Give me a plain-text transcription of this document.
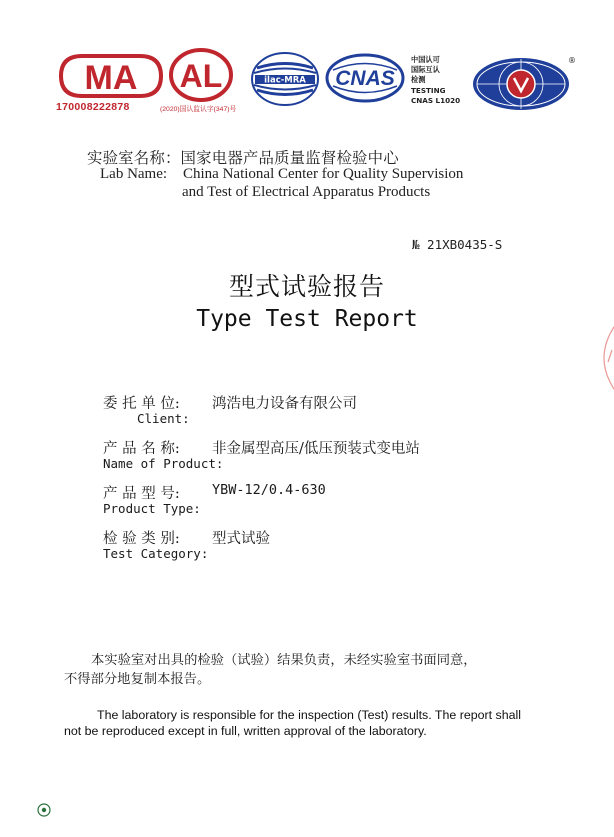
MA
170008222878
AL
(2020)国认监认字(347)号
ilac-MRA CNAS
中国认可
国际互认
检测
TESTING
CNAS L1020
®
实验室名称：国家电器产品质量监督检验中心
Lab Name: China National Center for Quality Supervision
and Test of Electrical Apparatus Products
№ 21XB0435-S
型式试验报告
Type Test Report
委 托 单 位: 鸿浩电力设备有限公司
Client:
产 品 名 称: 非金属型高压/低压预装式变电站
Name of Product:
产 品 型 号: YBW-12/0.4-630
Product Type:
检 验 类 别: 型式试验
Test Category:
本实验室对出具的检验（试验）结果负责，未经实验室书面同意，
不得部分地复制本报告。
The laboratory is responsible for the inspection (Test) results. The report shall
not be reproduced except in full, written approval of the laboratory.
